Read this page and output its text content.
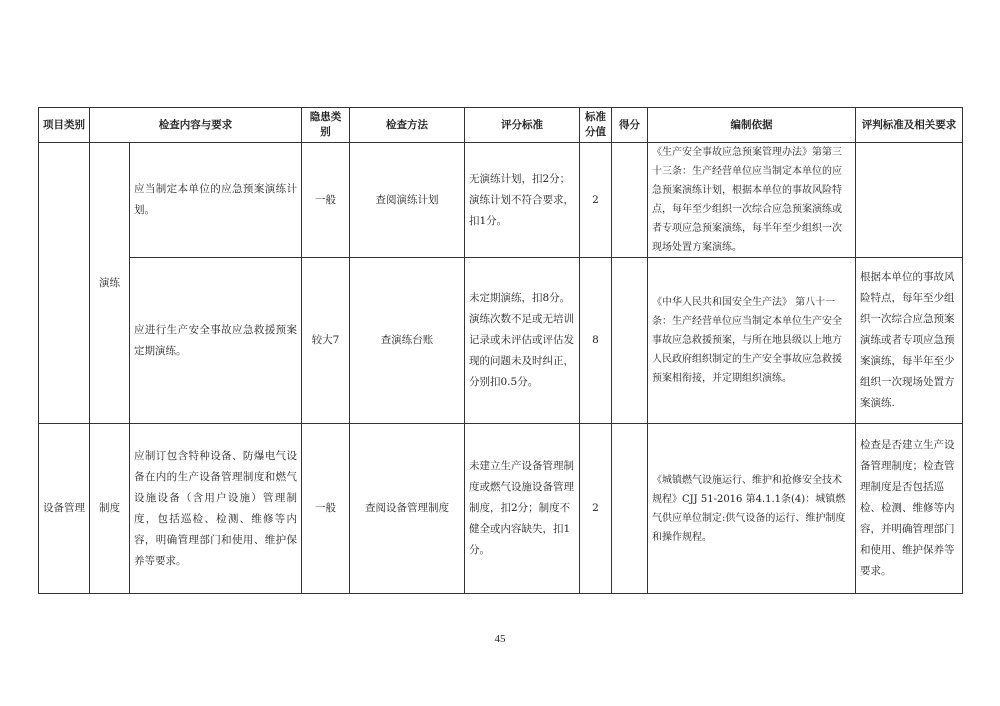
项目类别	检查内容与要求		隐患类别	检查方法	评分标准	标准分值	得分	编制依据	评判标准及相关要求
	演练	应当制定本单位的应急预案演练计划。	一般	查阅演练计划	无演练计划，扣2分；演练计划不符合要求，扣1分。	2		《生产安全事故应急预案管理办法》第第三十三条：生产经营单位应当制定本单位的应急预案演练计划，根据本单位的事故风险特点，每年至少组织一次综合应急预案演练或者专项应急预案演练，每半年至少组织一次现场处置方案演练。	
		应进行生产安全事故应急救援预案定期演练。	较大7	查演练台账	未定期演练，扣8分。演练次数不足或无培训记录或未评估或评估发现的问题未及时纠正，分别扣0.5分。	8		《中华人民共和国安全生产法》 第八十一条：生产经营单位应当制定本单位生产安全事故应急救援预案，与所在地县级以上地方人民政府组织制定的生产安全事故应急救援预案相衔接，并定期组织演练。	根据本单位的事故风险特点，每年至少组织一次综合应急预案演练或者专项应急预案演练，每半年至少组织一次现场处置方案演练.
设备管理	制度	应制订包含特种设备、防爆电气设备在内的生产设备管理制度和燃气设施设备（含用户设施）管理制度，包括巡检、检测、维修等内容，明确管理部门和使用、维护保养等要求。	一般	查阅设备管理制度	未建立生产设备管理制度或燃气设施设备管理制度，扣2分；制度不健全或内容缺失，扣1分。	2		《城镇燃气设施运行、维护和抢修安全技术规程》CJJ 51-2016 第4.1.1条(4)：城镇燃气供应单位制定:供气设备的运行、维护制度和操作规程。	检查是否建立生产设备管理制度；检查管理制度是否包括巡检、检测、维修等内容，并明确管理部门和使用、维护保养等要求。
45
